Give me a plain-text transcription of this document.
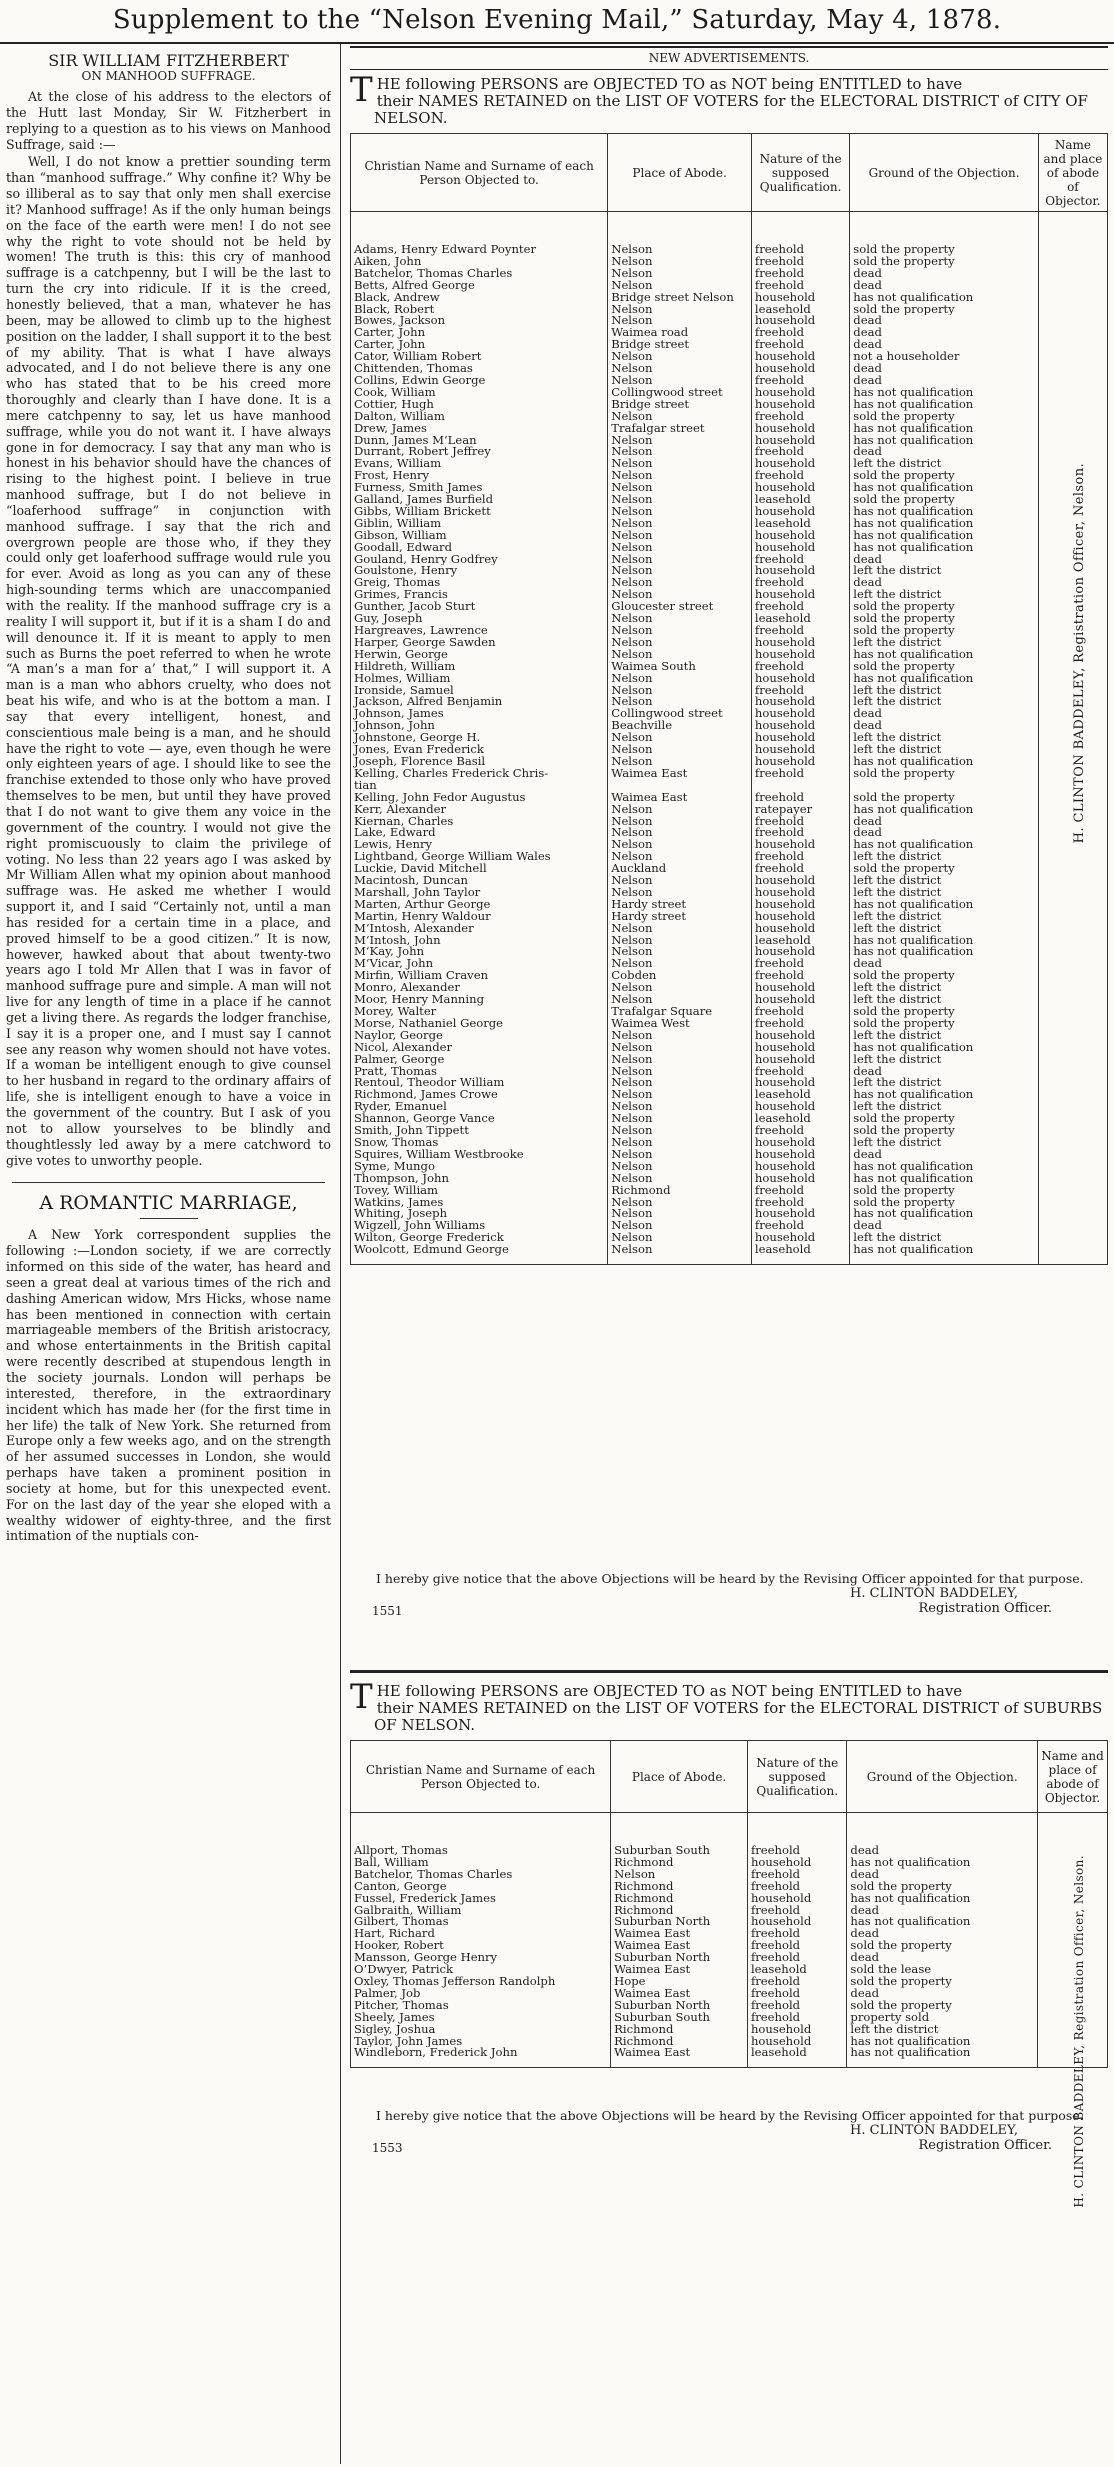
Supplement to the “Nelson Evening Mail,” Saturday, May 4, 1878.
SIR WILLIAM FITZHERBERT
ON MANHOOD SUFFRAGE.

At the close of his address to the electors of the Hutt last Monday, Sir W. Fitzherbert in replying to a question as to his views on Manhood Suffrage, said :—

Well, I do not know a prettier sounding term than “manhood suffrage.” Why confine it? Why be so illiberal as to say that only men shall exercise it? Manhood suffrage! As if the only human beings on the face of the earth were men! I do not see why the right to vote should not be held by women! The truth is this: this cry of manhood suffrage is a catchpenny, but I will be the last to turn the cry into ridicule. If it is the creed, honestly believed, that a man, whatever he has been, may be allowed to climb up to the highest position on the ladder, I shall support it to the best of my ability. That is what I have always advocated, and I do not believe there is any one who has stated that to be his creed more thoroughly and clearly than I have done. It is a mere catchpenny to say, let us have manhood suffrage, while you do not want it. I have always gone in for democracy. I say that any man who is honest in his behavior should have the chances of rising to the highest point. I believe in true manhood suffrage, but I do not believe in “loaferhood suffrage” in conjunction with manhood suffrage. I say that the rich and overgrown people are those who, if they they could only get loaferhood suffrage would rule you for ever. Avoid as long as you can any of these high-sounding terms which are unaccompanied with the reality. If the manhood suffrage cry is a reality I will support it, but if it is a sham I do and will denounce it. If it is meant to apply to men such as Burns the poet referred to when he wrote “A man’s a man for a’ that,” I will support it. A man is a man who abhors cruelty, who does not beat his wife, and who is at the bottom a man. I say that every intelligent, honest, and conscientious male being is a man, and he should have the right to vote — aye, even though he were only eighteen years of age. I should like to see the franchise extended to those only who have proved themselves to be men, but until they have proved that I do not want to give them any voice in the government of the country. I would not give the right promiscuously to claim the privilege of voting. No less than 22 years ago I was asked by Mr William Allen what my opinion about manhood suffrage was. He asked me whether I would support it, and I said “Certainly not, until a man has resided for a certain time in a place, and proved himself to be a good citizen.” It is now, however, hawked about that about twenty-two years ago I told Mr Allen that I was in favor of manhood suffrage pure and simple. A man will not live for any length of time in a place if he cannot get a living there. As regards the lodger franchise, I say it is a proper one, and I must say I cannot see any reason why women should not have votes. If a woman be intelligent enough to give counsel to her husband in regard to the ordinary affairs of life, she is intelligent enough to have a voice in the government of the country. But I ask of you not to allow yourselves to be blindly and thoughtlessly led away by a mere catchword to give votes to unworthy people.

A ROMANTIC MARRIAGE,

A New York correspondent supplies the following :—London society, if we are correctly informed on this side of the water, has heard and seen a great deal at various times of the rich and dashing American widow, Mrs Hicks, whose name has been mentioned in connection with certain marriageable members of the British aristocracy, and whose entertainments in the British capital were recently described at stupendous length in the society journals. London will perhaps be interested, therefore, in the extraordinary incident which has made her (for the first time in her life) the talk of New York. She returned from Europe only a few weeks ago, and on the strength of her assumed successes in London, she would perhaps have taken a prominent position in society at home, but for this unexpected event. For on the last day of the year she eloped with a wealthy widower of eighty-three, and the first intimation of the nuptials con-

NEW ADVERTISEMENTS.
T HE following PERSONS are OBJECTED TO as NOT being ENTITLED to have
their NAMES RETAINED on the LIST OF VOTERS for the ELECTORAL DISTRICT of CITY OF NELSON.
Christian Name and Surname of each Person Objected to.	Place of Abode.	Nature of the supposed Qualification.	Ground of the Objection.	Name and place of abode of Objector.

Adams, Henry Edward Poynter	Nelson	freehold	sold the property	
Aiken, John	Nelson	freehold	sold the property	
Batchelor, Thomas Charles	Nelson	freehold	dead	
Betts, Alfred George	Nelson	freehold	dead	
Black, Andrew	Bridge street Nelson	household	has not qualification	
Black, Robert	Nelson	leasehold	sold the property	
Bowes, Jackson	Nelson	household	dead	
Carter, John	Waimea road	freehold	dead	
Carter, John	Bridge street	freehold	dead	
Cator, William Robert	Nelson	household	not a householder	
Chittenden, Thomas	Nelson	household	dead	
Collins, Edwin George	Nelson	freehold	dead	
Cook, William	Collingwood street	household	has not qualification	
Cottier, Hugh	Bridge street	household	has not qualification	
Dalton, William	Nelson	freehold	sold the property	
Drew, James	Trafalgar street	household	has not qualification	
Dunn, James M‘Lean	Nelson	household	has not qualification	
Durrant, Robert Jeffrey	Nelson	freehold	dead	
Evans, William	Nelson	household	left the district	
Frost, Henry	Nelson	freehold	sold the property	
Furness, Smith James	Nelson	household	has not qualification	
Galland, James Burfield	Nelson	leasehold	sold the property	
Gibbs, William Brickett	Nelson	household	has not qualification	
Giblin, William	Nelson	leasehold	has not qualification	
Gibson, William	Nelson	household	has not qualification	
Goodall, Edward	Nelson	household	has not qualification	
Gouland, Henry Godfrey	Nelson	freehold	dead	
Goulstone, Henry	Nelson	household	left the district	
Greig, Thomas	Nelson	freehold	dead	
Grimes, Francis	Nelson	household	left the district	
Gunther, Jacob Sturt	Gloucester street	freehold	sold the property	
Guy, Joseph	Nelson	leasehold	sold the property	
Hargreaves, Lawrence	Nelson	freehold	sold the property	
Harper, George Sawden	Nelson	household	left the district	
Herwin, George	Nelson	household	has not qualification	
Hildreth, William	Waimea South	freehold	sold the property	
Holmes, William	Nelson	household	has not qualification	
Ironside, Samuel	Nelson	freehold	left the district	
Jackson, Alfred Benjamin	Nelson	household	left the district	
Johnson, James	Collingwood street	household	dead	
Johnson, John	Beachville	household	dead	
Johnstone, George H.	Nelson	household	left the district	
Jones, Evan Frederick	Nelson	household	left the district	
Joseph, Florence Basil	Nelson	household	has not qualification	
Kelling, Charles Frederick Chris-	Waimea East	freehold	sold the property	
tian				
Kelling, John Fedor Augustus	Waimea East	freehold	sold the property	
Kerr, Alexander	Nelson	ratepayer	has not qualification	
Kiernan, Charles	Nelson	freehold	dead	
Lake, Edward	Nelson	freehold	dead	
Lewis, Henry	Nelson	household	has not qualification	
Lightband, George William Wales	Nelson	freehold	left the district	
Luckie, David Mitchell	Auckland	freehold	sold the property	
Macintosh, Duncan	Nelson	household	left the district	
Marshall, John Taylor	Nelson	household	left the district	
Marten, Arthur George	Hardy street	household	has not qualification	
Martin, Henry Waldour	Hardy street	household	left the district	
M‘Intosh, Alexander	Nelson	household	left the district	
M‘Intosh, John	Nelson	leasehold	has not qualification	
M‘Kay, John	Nelson	household	has not qualification	
M‘Vicar, John	Nelson	freehold	dead	
Mirfin, William Craven	Cobden	freehold	sold the property	
Monro, Alexander	Nelson	household	left the district	
Moor, Henry Manning	Nelson	household	left the district	
Morey, Walter	Trafalgar Square	freehold	sold the property	
Morse, Nathaniel George	Waimea West	freehold	sold the property	
Naylor, George	Nelson	household	left the district	
Nicol, Alexander	Nelson	household	has not qualification	
Palmer, George	Nelson	household	left the district	
Pratt, Thomas	Nelson	freehold	dead	
Rentoul, Theodor William	Nelson	household	left the district	
Richmond, James Crowe	Nelson	leasehold	has not qualification	
Ryder, Emanuel	Nelson	household	left the district	
Shannon, George Vance	Nelson	leasehold	sold the property	
Smith, John Tippett	Nelson	freehold	sold the property	
Snow, Thomas	Nelson	household	left the district	
Squires, William Westbrooke	Nelson	household	dead	
Syme, Mungo	Nelson	household	has not qualification	
Thompson, John	Nelson	household	has not qualification	
Tovey, William	Richmond	freehold	sold the property	
Watkins, James	Nelson	freehold	sold the property	
Whiting, Joseph	Nelson	household	has not qualification	
Wigzell, John Williams	Nelson	freehold	dead	
Wilton, George Frederick	Nelson	household	left the district	
Woolcott, Edmund George	Nelson	leasehold	has not qualification	

H. CLINTON BADDELEY, Registration Officer, Nelson.

I hereby give notice that the above Objections will be heard by the Revising Officer appointed for that purpose.

H. CLINTON BADDELEY,
Registration Officer.
1551
T HE following PERSONS are OBJECTED TO as NOT being ENTITLED to have
their NAMES RETAINED on the LIST OF VOTERS for the ELECTORAL DISTRICT of SUBURBS OF NELSON.
Christian Name and Surname of each Person Objected to.	Place of Abode.	Nature of the supposed Qualification.	Ground of the Objection.	Name and place of abode of Objector.

Allport, Thomas	Suburban South	freehold	dead	
Ball, William	Richmond	household	has not qualification	
Batchelor, Thomas Charles	Nelson	freehold	dead	
Canton, George	Richmond	freehold	sold the property	
Fussel, Frederick James	Richmond	household	has not qualification	
Galbraith, William	Richmond	freehold	dead	
Gilbert, Thomas	Suburban North	household	has not qualification	
Hart, Richard	Waimea East	freehold	dead	
Hooker, Robert	Waimea East	freehold	sold the property	
Mansson, George Henry	Suburban North	freehold	dead	
O’Dwyer, Patrick	Waimea East	leasehold	sold the lease	
Oxley, Thomas Jefferson Randolph	Hope	freehold	sold the property	
Palmer, Job	Waimea East	freehold	dead	
Pitcher, Thomas	Suburban North	freehold	sold the property	
Sheely, James	Suburban South	freehold	property sold	
Sigley, Joshua	Richmond	household	left the district	
Taylor, John James	Richmond	household	has not qualification	
Windleborn, Frederick John	Waimea East	leasehold	has not qualification	
					H. CLINTON BADDELEY, Registration Officer, Nelson.

I hereby give notice that the above Objections will be heard by the Revising Officer appointed for that purpose.

H. CLINTON BADDELEY,
Registration Officer.
1553
